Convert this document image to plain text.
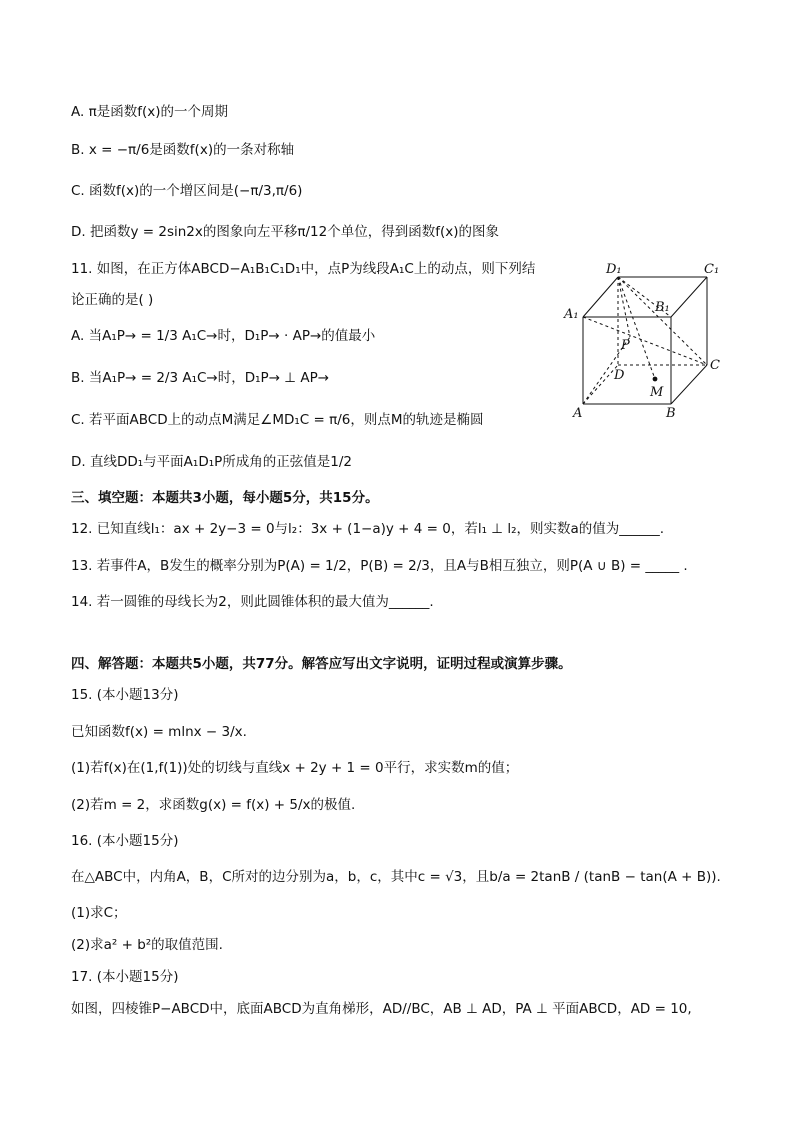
A. π是函数f(x)的一个周期
B. x = −π/6是函数f(x)的一条对称轴
C. 函数f(x)的一个增区间是(−π/3,π/6)
D. 把函数y = 2sin2x的图象向左平移π/12个单位，得到函数f(x)的图象
11. 如图，在正方体ABCD−A₁B₁C₁D₁中，点P为线段A₁C上的动点，则下列结
论正确的是( )
A. 当A₁P→ = 1/3 A₁C→时，D₁P→ · AP→的值最小
B. 当A₁P→ = 2/3 A₁C→时，D₁P→ ⊥ AP→
C. 若平面ABCD上的动点M满足∠MD₁C = π/6，则点M的轨迹是椭圆
D. 直线DD₁与平面A₁D₁P所成角的正弦值是1/2
三、填空题：本题共3小题，每小题5分，共15分。
12. 已知直线l₁：ax + 2y−3 = 0与l₂：3x + (1−a)y + 4 = 0，若l₁ ⊥ l₂，则实数a的值为______.
13. 若事件A，B发生的概率分别为P(A) = 1/2，P(B) = 2/3，且A与B相互独立，则P(A ∪ B) = _____ .
14. 若一圆锥的母线长为2，则此圆锥体积的最大值为______.
四、解答题：本题共5小题，共77分。解答应写出文字说明，证明过程或演算步骤。
15. (本小题13分)
已知函数f(x) = mlnx − 3/x.
(1)若f(x)在(1,f(1))处的切线与直线x + 2y + 1 = 0平行，求实数m的值；
(2)若m = 2，求函数g(x) = f(x) + 5/x的极值.
16. (本小题15分)
在△ABC中，内角A，B，C所对的边分别为a，b，c，其中c = √3，且b/a = 2tanB / (tanB − tan(A + B)).
(1)求C；
(2)求a² + b²的取值范围.
17. (本小题15分)
如图，四棱锥P−ABCD中，底面ABCD为直角梯形，AD//BC，AB ⊥ AD，PA ⊥ 平面ABCD，AD = 10,
D₁	C₁
A₁	B₁
P
D
C
M
A	B
